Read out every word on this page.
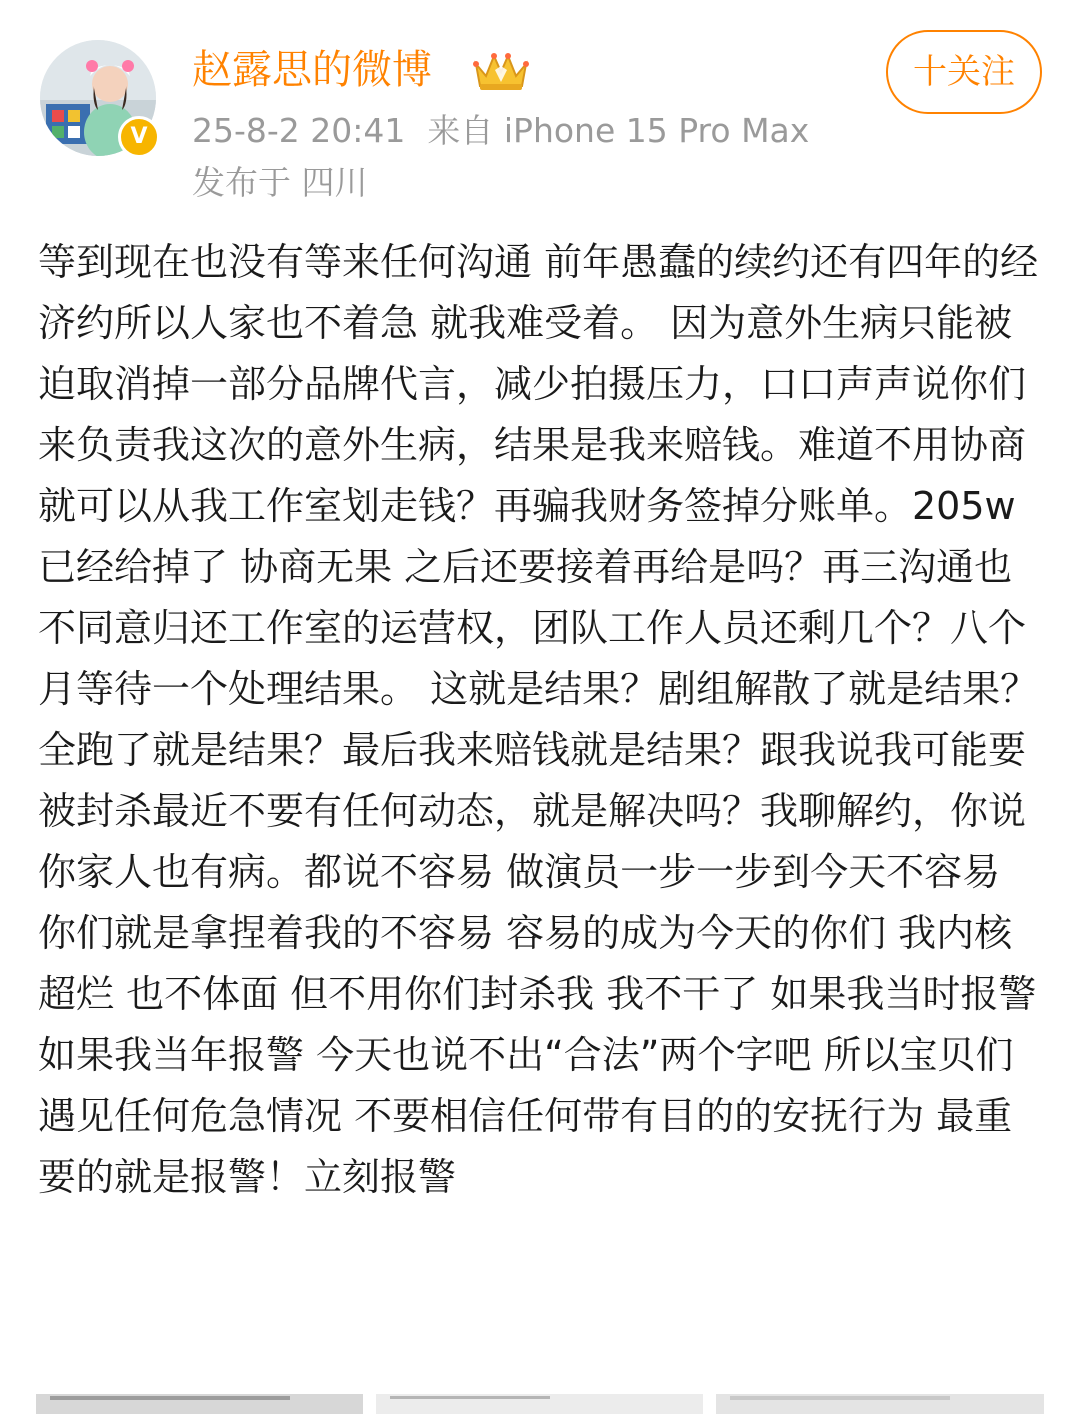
V
赵露思的微博
25-8-2 20:41 来自 iPhone 15 Pro Max
发布于 四川
十关注
等到现在也没有等来任何沟通 前年愚蠢的续约还有四年的经济约所以人家也不着急 就我难受着。 因为意外生病只能被迫取消掉一部分品牌代言，减少拍摄压力，口口声声说你们来负责我这次的意外生病，结果是我来赔钱。难道不用协商就可以从我工作室划走钱？再骗我财务签掉分账单。205w已经给掉了 协商无果 之后还要接着再给是吗？再三沟通也不同意归还工作室的运营权，团队工作人员还剩几个？八个月等待一个处理结果。 这就是结果？剧组解散了就是结果？全跑了就是结果？最后我来赔钱就是结果？跟我说我可能要被封杀最近不要有任何动态，就是解决吗？我聊解约，你说你家人也有病。都说不容易 做演员一步一步到今天不容易 你们就是拿捏着我的不容易 容易的成为今天的你们 我内核超烂 也不体面 但不用你们封杀我 我不干了 如果我当时报警 如果我当年报警 今天也说不出“合法”两个字吧 所以宝贝们 遇见任何危急情况 不要相信任何带有目的的安抚行为 最重要的就是报警！立刻报警
